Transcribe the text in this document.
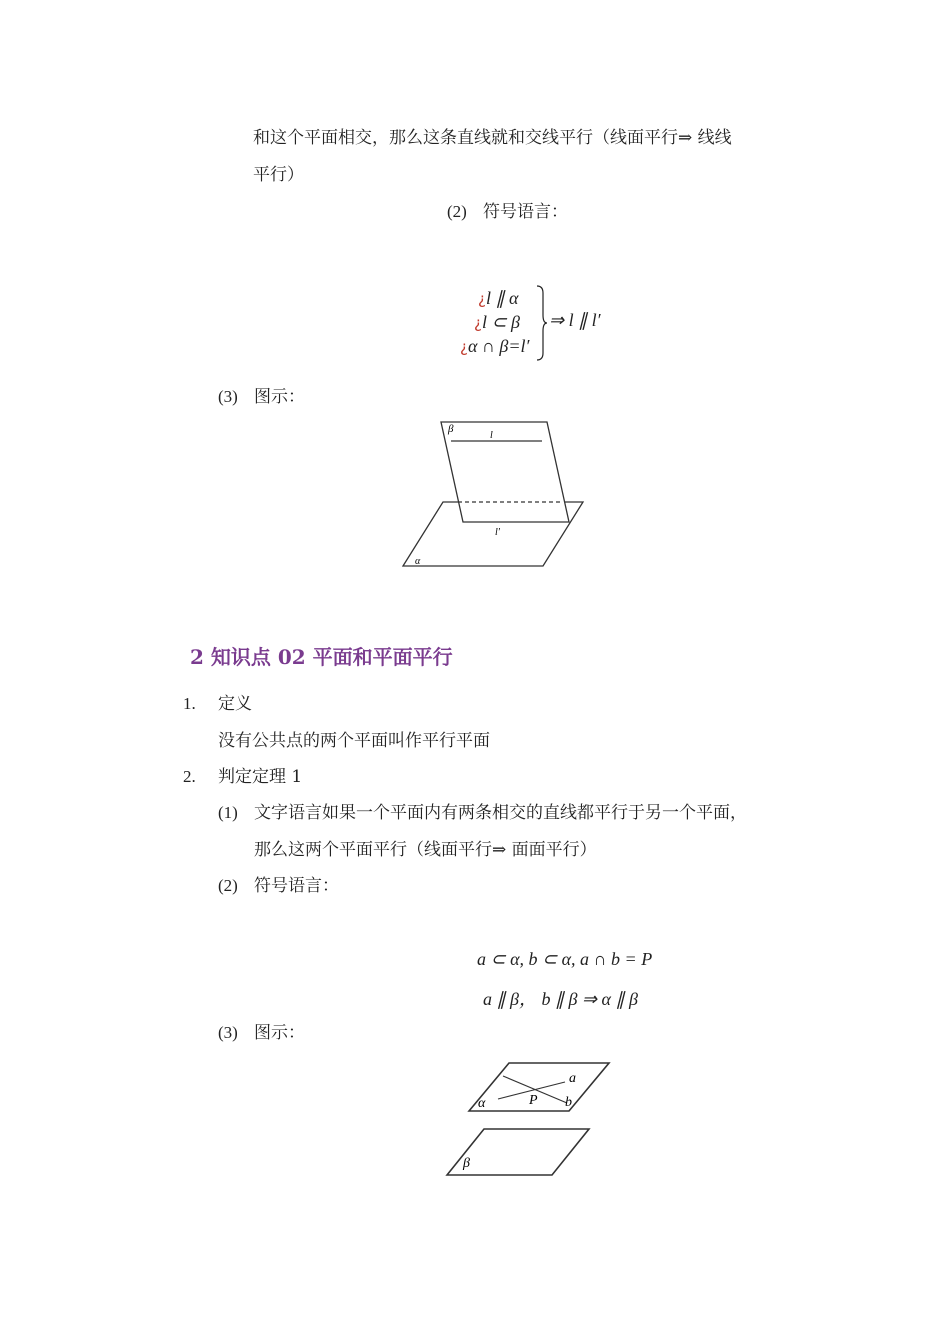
和这个平面相交，那么这条直线就和交线平行（线面平行⇒ 线线
平行）
(2) 符号语言：
¿l ∥ α
¿l ⊂ β
¿α ∩ β=l′
⇒ l ∥ l′
(3) 图示：
β
l
l′
α
2 知识点 02 平面和平面平行
1. 定义
没有公共点的两个平面叫作平行平面
2. 判定定理 1
(1) 文字语言如果一个平面内有两条相交的直线都平行于另一个平面，
那么这两个平面平行（线面平行⇒ 面面平行）
(2) 符号语言：
a ⊂ α, b ⊂ α, a ∩ b = P
a ∥ β， b ∥ β ⇒ α ∥ β
(3) 图示：
a
α	P b
β
